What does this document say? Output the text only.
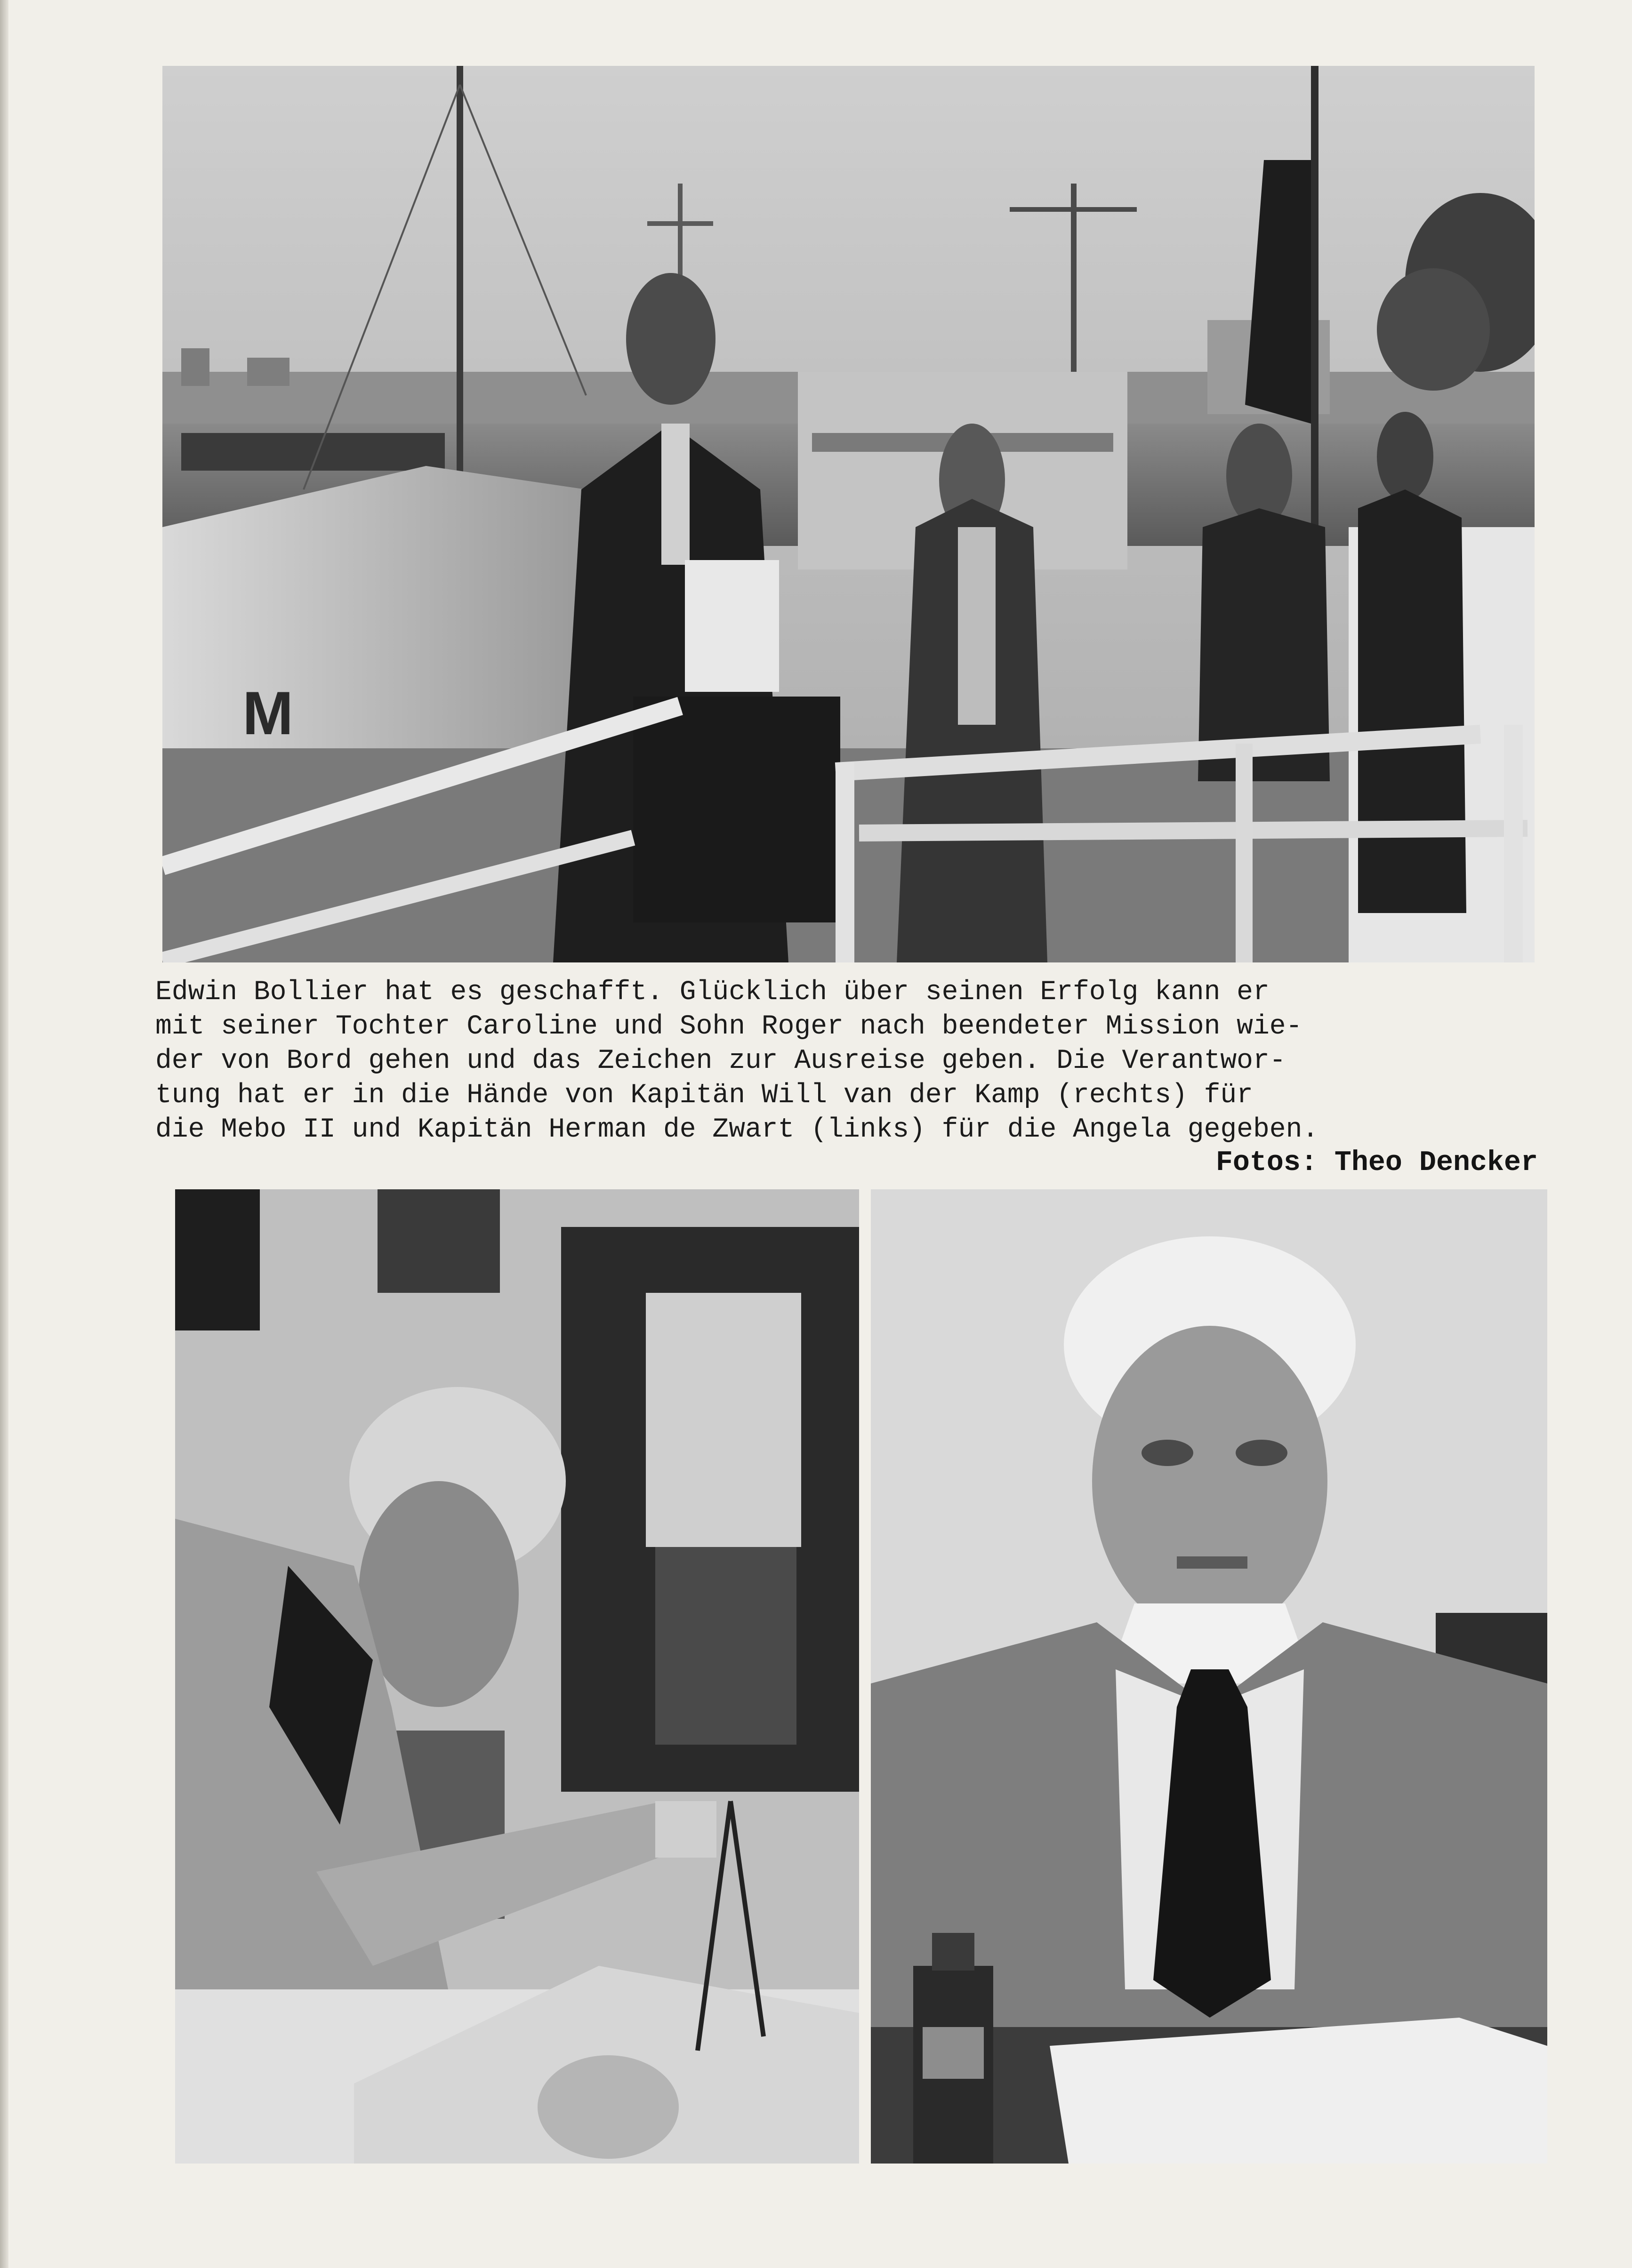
M
Edwin Bollier hat es geschafft. Glücklich über seinen Erfolg kann er
mit seiner Tochter Caroline und Sohn Roger nach beendeter Mission wie-
der von Bord gehen und das Zeichen zur Ausreise geben. Die Verantwor-
tung hat er in die Hände von Kapitän Will van der Kamp (rechts) für
die Mebo II und Kapitän Herman de Zwart (links) für die Angela gegeben.
Fotos: Theo Dencker
